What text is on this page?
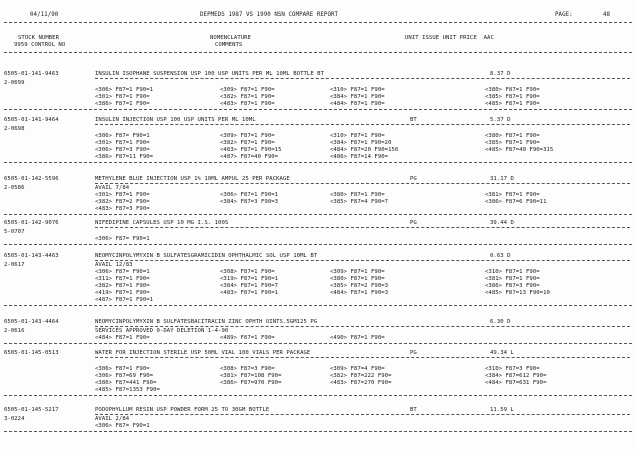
04/11/90	DEPMEDS 1987 VS 1990 NSN COMPARE REPORT	PAGE:	48
STOCK NUMBER
9959 CONTROL NO
NOMENCLATURE
COMMENTS
UNIT ISSUE UNIT PRICE  AAC
6505-01-141-9463	INSULIN ISOPHANE SUSPENSION USP 100 USP UNITS PER ML 10ML BOTTLE BT	8.37 D
2-0699
<306> F87=1 F90=1	<309> F87=1 F90=	<310> F87=1 F90=	<380> F87=1 F90=
<301> F87=1 F90=	<382> F87=1 F90=	<384> F87=1 F90=	<385> F87=1 F90=
<386> F87=1 F90=	<483> F87=1 F90=	<484> F87=1 F90=	<485> F87=1 F90=
6505-01-141-9464	INSULIN INJECTION USP 100 USP UNITS PER ML 10ML	BT	5.37 D
2-0698
<306> F87= F90=1	<309> F87=1 F90=	<310> F87=1 F90=	<380> F87=1 F90=
<301> F87=1 F90=	<382> F87=1 F90=	<384> F87=1 F90=20	<385> F87=1 F90=
<306> F87=3 F90=	<483> F87=1 F90=15	<484> F87=20 F90=150	<485> F87=40 F90=315
<386> F87=11 F90=	<487> F87=40 F90=	<486> F87=14 F90=
6505-01-142-5596	METHYLENE BLUE INJECTION USP 1% 10ML AMPUL 25 PER PACKAGE	PG	31.17 D
2-0586	AVAIL 7/84
<301> F87=1 F90=	<306> F87=1 F90=1	<380> F87=1 F90=	<381> F87=1 F90=
<382> F87=2 F90=	<384> F87=3 F90=3	<385> F87=4 F90=7	<386> F87=6 F90=11
<483> F87=3 F90=
6505-01-142-9076	NIFEDIPINE CAPSULES USP 10 MG I.S. 100S	PG	39.44 D
5-0707
<306> F87= F90=1
6505-01-143-4463	NEOMYCINPOLYMYXIN B SULFATESGRAMICIDIN OPHTHALMIC SOL USP 10ML BT	0.63 D
2-0617	AVAIL 12/83
<306> F87= F90=1	<308> F87=1 F90=	<309> F87=1 F90=	<310> F87=1 F90=
<311> F87=1 F90=	<319> F87=1 F90=1	<380> F87=1 F90=	<381> F87=1 F90=
<382> F87=1 F90=	<384> F87=1 F90=7	<385> F87=2 F90=3	<386> F87=3 F90=
<419> F87=1 F90=	<483> F87=1 F90=1	<484> F87=1 F90=3	<485> F87=13 F90=10
<487> F87=1 F90=1
6505-01-143-4464	NEOMYCINPOLYMYXIN B SULFATESBACITRACIN ZINC OPHTH OINTS.5GM125 PG	6.30 D
2-0616	SERVICES APPROVED 0-DAY DELETION 1-4-90
<484> F87=1 F90=	<489> F87=1 F90=	<490> F87=1 F90=
6505-01-145-0513	WATER FOR INJECTION STERILE USP 50ML VIAL 100 VIALS PER PACKAGE	PG	49.34 L
<306> F87=1 F90=	<308> F87=3 F90=	<309> F87=4 F90=	<310> F87=3 F90=
<306> F87=69 F90=	<381> F87=108 F90=	<382> F87=222 F90=	<384> F87=612 F90=
<386> F87=441 F90=	<386> F87=970 F90=	<483> F87=270 F90=	<484> F87=631 F90=
<485> F87=1353 F90=
6505-01-145-5217	PODOPHYLLUM RESIN USP POWDER FORM 25 TO 30GM BOTTLE	BT	11.59 L
3-0224	AVAIL 2/84
<306> F87= F90=1
